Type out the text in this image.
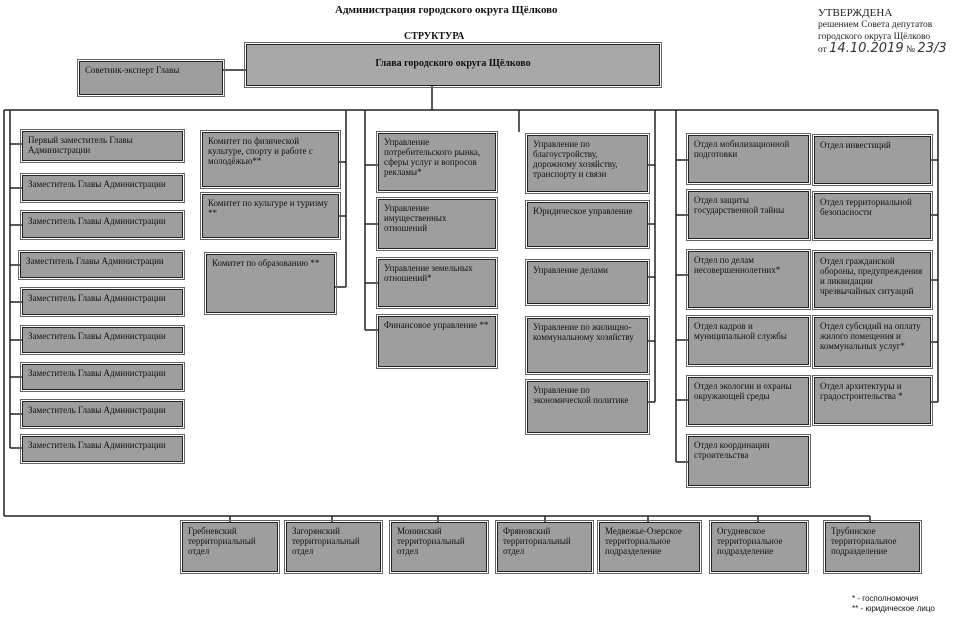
Администрация городского округа Щёлково
СТРУКТУРА
УТВЕРЖДЕНА
решением Совета депутатов
городского округа Щёлково
от 14.10.2019 № 23/3
Глава городского округа Щёлково
Советник-эксперт Главы
Первый заместитель Главы Администрации
Заместитель Главы Администрации
Заместитель Главы Администрации
Заместитель Главы Администрации
Заместитель Главы Администрации
Заместитель Главы Администрации
Заместитель Главы Администрации
Заместитель Главы Администрации
Заместитель Главы Администрации
Комитет по физической культуре, спорту и работе с молодёжью**
Комитет по культуре и туризму **
Комитет по образованию **
Управление потребительского рынка, сферы услуг и вопросов рекламы*
Управление имущественных отношений
Управление земельных отношений*
Финансовое управление **
Управление по благоустройству, дорожному хозяйству, транспорту и связи
Юридическое управление
Управление делами
Управление по жилищно-коммунальному хозяйству
Управление по экономической политике
Отдел мобилизационной подготовки
Отдел защиты государственной тайны
Отдел по делам несовершеннолетних*
Отдел кадров и муниципальной службы
Отдел экологии и охраны окружающей среды
Отдел координации строительства
Отдел инвестиций
Отдел территориальной безопасности
Отдел гражданской обороны, предупреждения и ликвидации чрезвычайных ситуаций
Отдел субсидий на оплату жилого помещения и коммунальных услуг*
Отдел архитектуры и градостроительства *
Гребневский территориальный отдел
Загорянский территориальный отдел
Монинский территориальный отдел
Фряновский территориальный отдел
Медвежье-Озерское территориальное подразделение
Огудневское территориальное подразделение
Трубинское территориальное подразделение
* - госполномочия
** - юридическое лицо
